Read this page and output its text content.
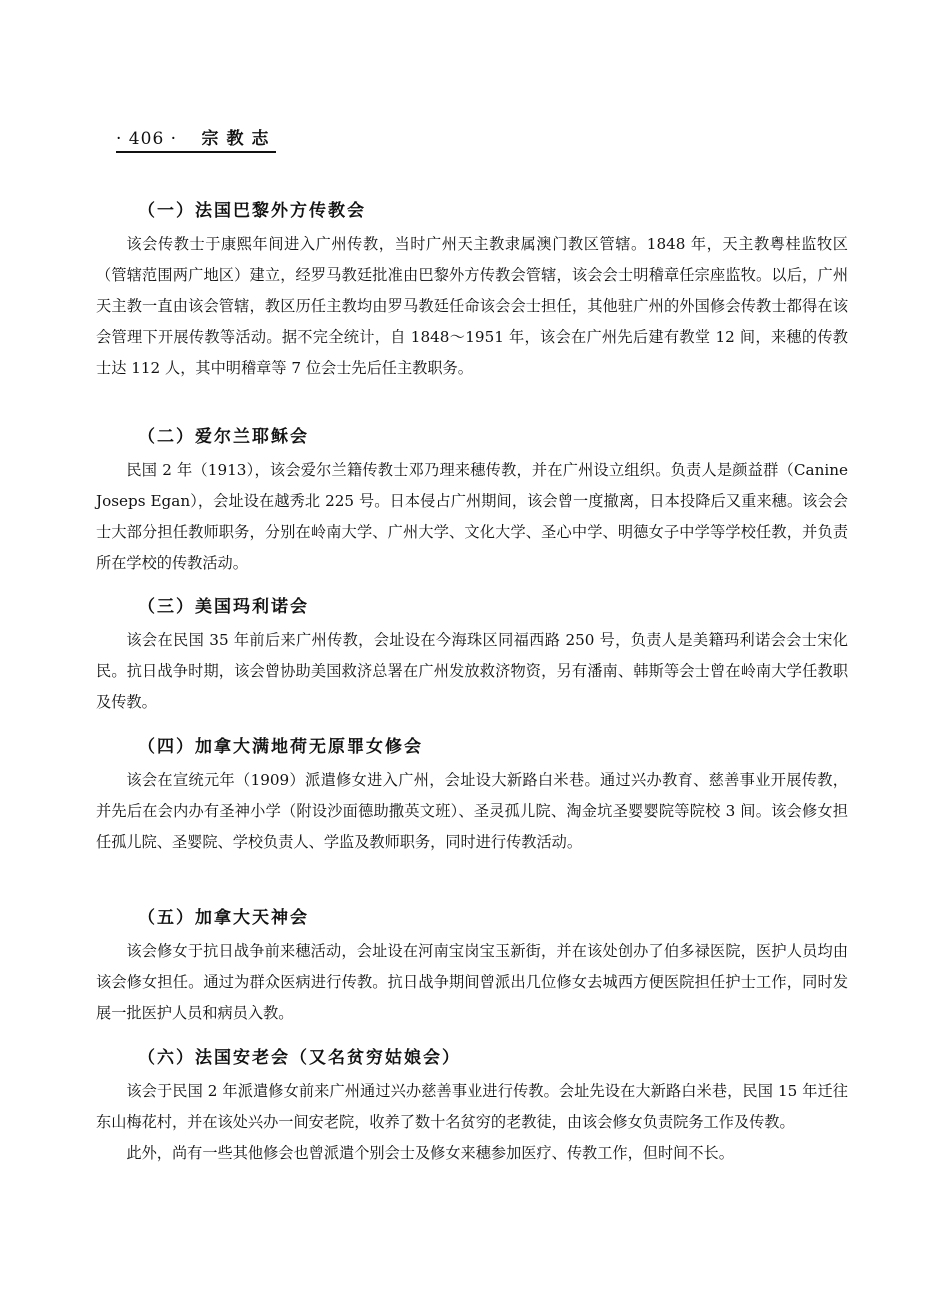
· 406 · 宗教志
（一）法国巴黎外方传教会

该会传教士于康熙年间进入广州传教，当时广州天主教隶属澳门教区管辖。1848 年，天主教粤桂监牧区（管辖范围两广地区）建立，经罗马教廷批准由巴黎外方传教会管辖，该会会士明稽章任宗座监牧。以后，广州天主教一直由该会管辖，教区历任主教均由罗马教廷任命该会会士担任，其他驻广州的外国修会传教士都得在该会管理下开展传教等活动。据不完全统计，自 1848～1951 年，该会在广州先后建有教堂 12 间，来穗的传教士达 112 人，其中明稽章等 7 位会士先后任主教职务。

（二）爱尔兰耶稣会

民国 2 年（1913），该会爱尔兰籍传教士邓乃理来穗传教，并在广州设立组织。负责人是颜益群（Canine Joseps Egan），会址设在越秀北 225 号。日本侵占广州期间，该会曾一度撤离，日本投降后又重来穗。该会会士大部分担任教师职务，分别在岭南大学、广州大学、文化大学、圣心中学、明德女子中学等学校任教，并负责所在学校的传教活动。

（三）美国玛利诺会

该会在民国 35 年前后来广州传教，会址设在今海珠区同福西路 250 号，负责人是美籍玛利诺会会士宋化民。抗日战争时期，该会曾协助美国救济总署在广州发放救济物资，另有潘南、韩斯等会士曾在岭南大学任教职及传教。

（四）加拿大满地荷无原罪女修会

该会在宣统元年（1909）派遣修女进入广州，会址设大新路白米巷。通过兴办教育、慈善事业开展传教，并先后在会内办有圣神小学（附设沙面德助撒英文班）、圣灵孤儿院、淘金坑圣婴婴院等院校 3 间。该会修女担任孤儿院、圣婴院、学校负责人、学监及教师职务，同时进行传教活动。

（五）加拿大天神会

该会修女于抗日战争前来穗活动，会址设在河南宝岗宝玉新街，并在该处创办了伯多禄医院，医护人员均由该会修女担任。通过为群众医病进行传教。抗日战争期间曾派出几位修女去城西方便医院担任护士工作，同时发展一批医护人员和病员入教。

（六）法国安老会（又名贫穷姑娘会）

该会于民国 2 年派遣修女前来广州通过兴办慈善事业进行传教。会址先设在大新路白米巷，民国 15 年迁往东山梅花村，并在该处兴办一间安老院，收养了数十名贫穷的老教徒，由该会修女负责院务工作及传教。

此外，尚有一些其他修会也曾派遣个别会士及修女来穗参加医疗、传教工作，但时间不长。
